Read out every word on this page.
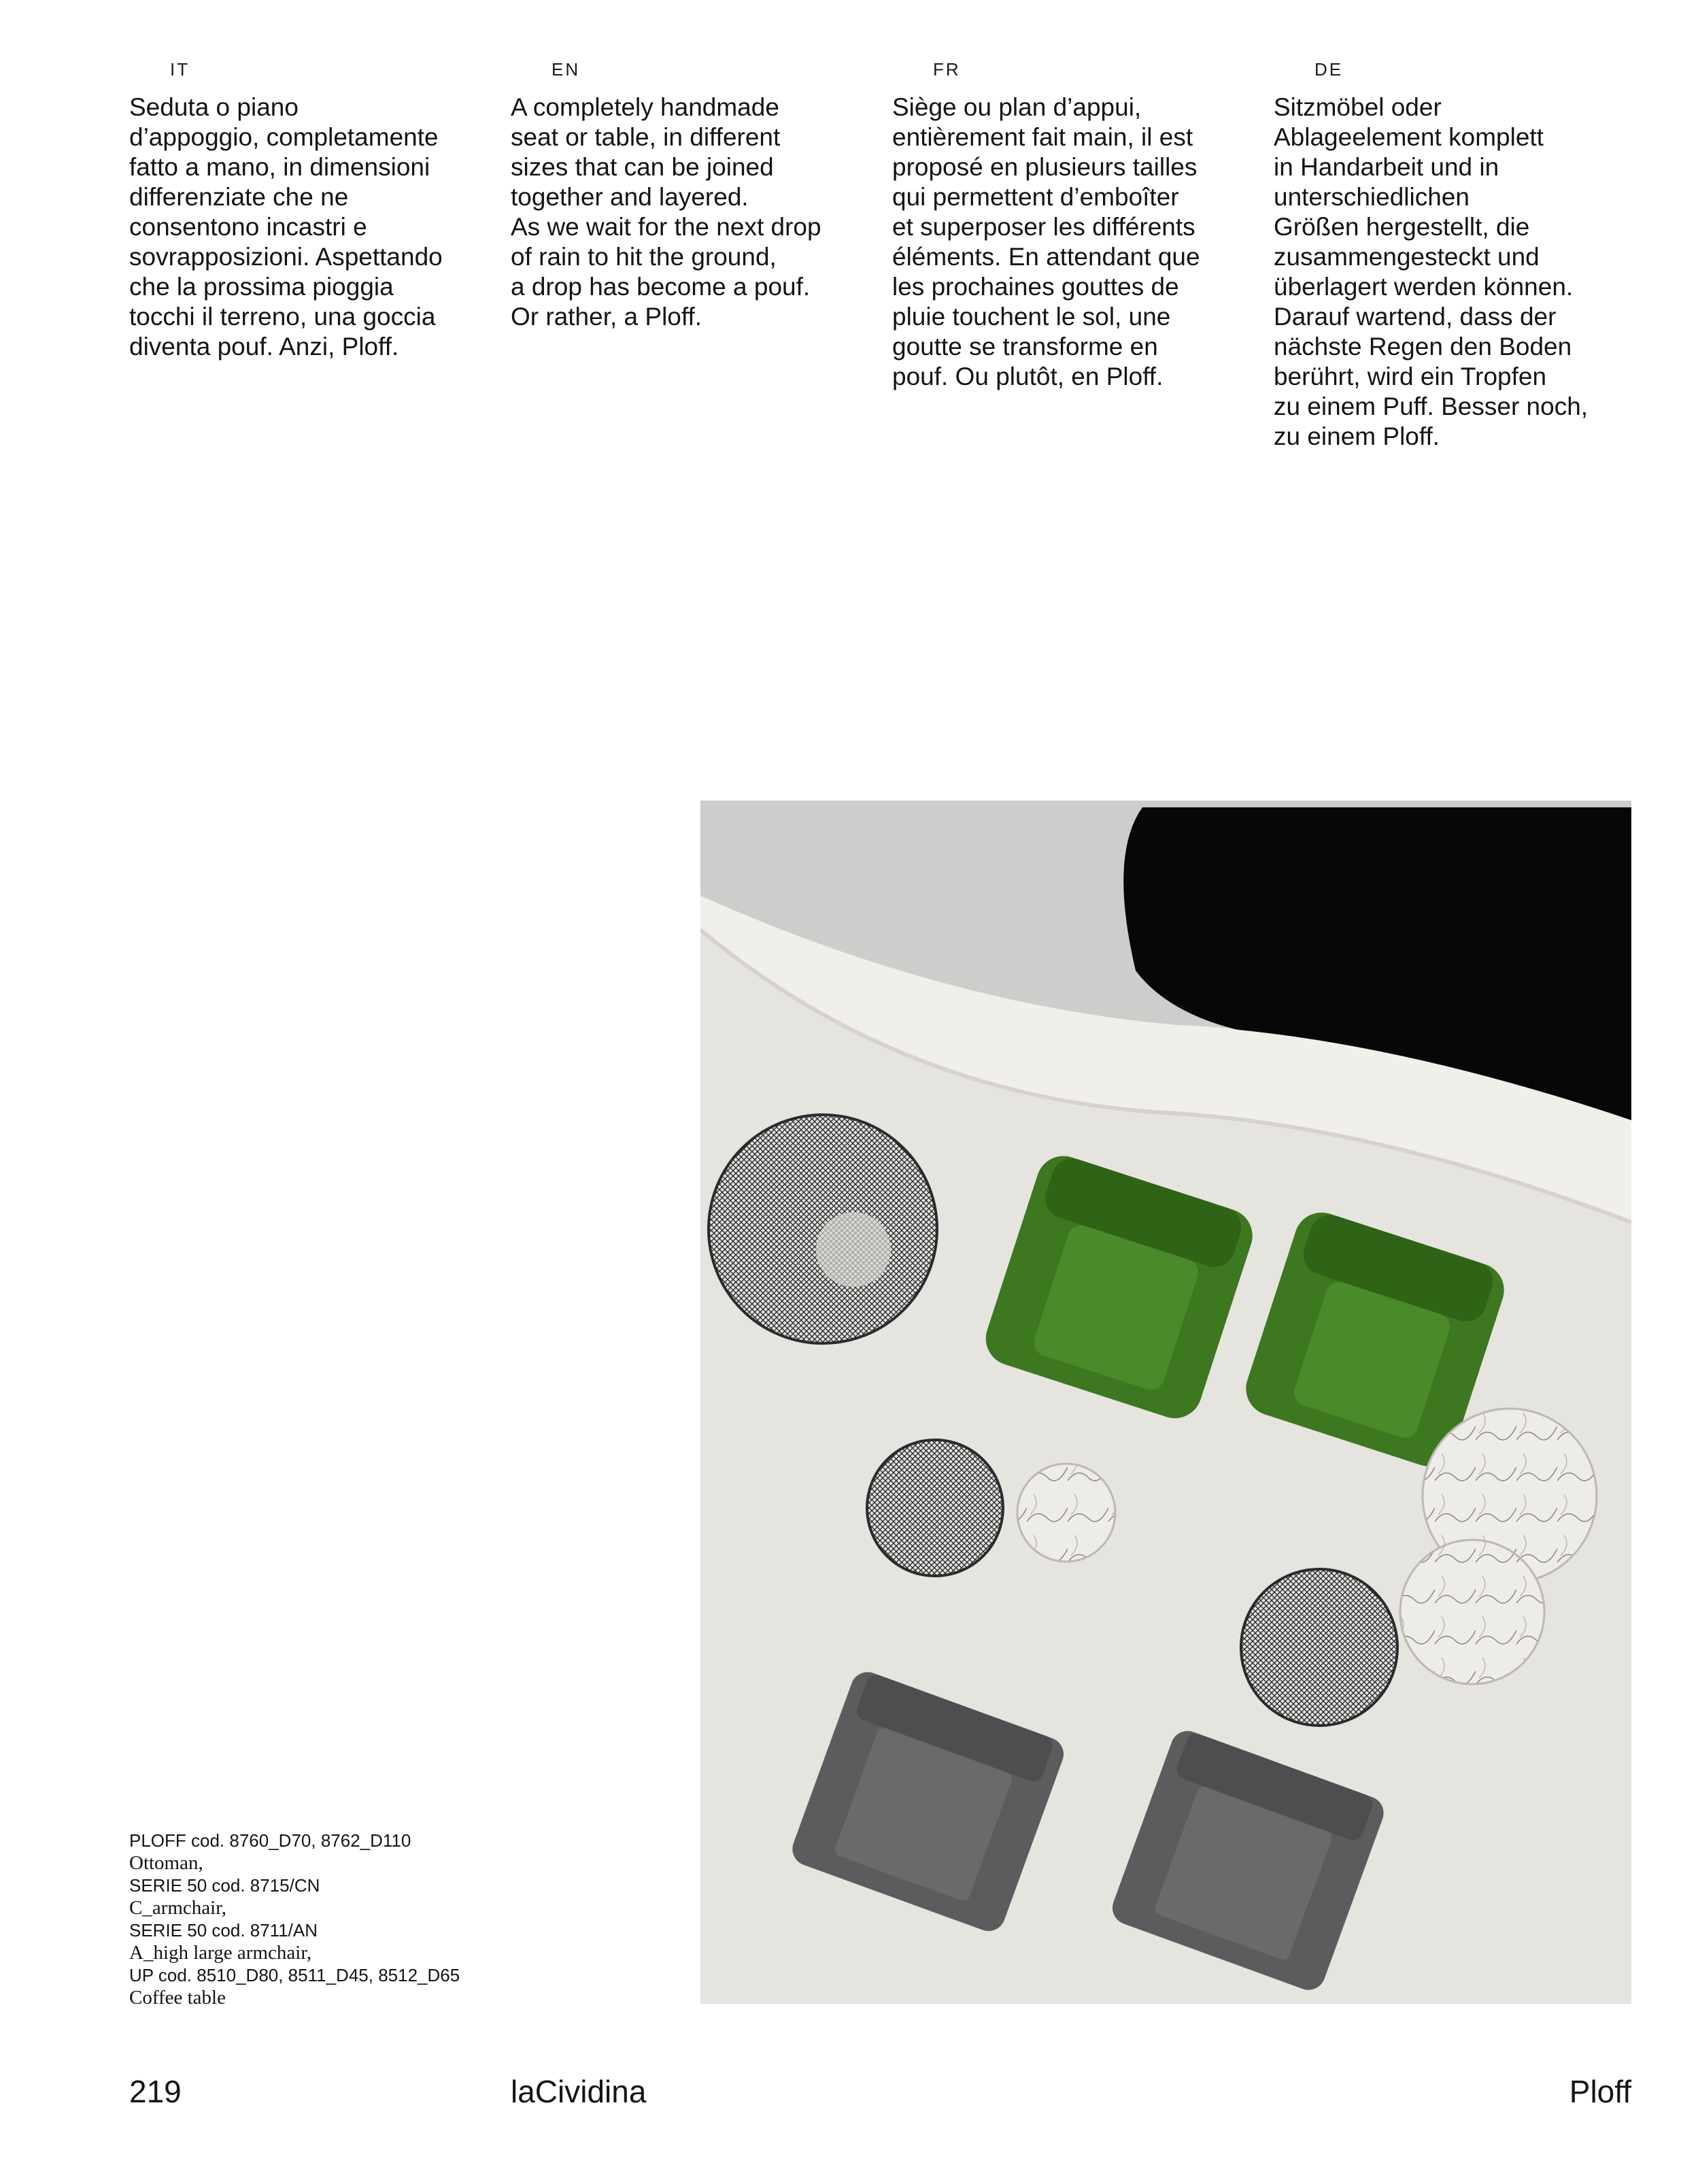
IT

Seduta o piano
d’appoggio, completamente
fatto a mano, in dimensioni
differenziate che ne
consentono incastri e
sovrapposizioni. Aspettando
che la prossima pioggia
tocchi il terreno, una goccia
diventa pouf. Anzi, Ploff.

EN

A completely handmade
seat or table, in different
sizes that can be joined
together and layered.
As we wait for the next drop
of rain to hit the ground,
a drop has become a pouf.
Or rather, a Ploff.

FR

Siège ou plan d’appui,
entièrement fait main, il est
proposé en plusieurs tailles
qui permettent d’emboîter
et superposer les différents
éléments. En attendant que
les prochaines gouttes de
pluie touchent le sol, une
goutte se transforme en
pouf. Ou plutôt, en Ploff.

DE

Sitzmöbel oder
Ablageelement komplett
in Handarbeit und in
unterschiedlichen
Größen hergestellt, die
zusammengesteckt und
überlagert werden können.
Darauf wartend, dass der
nächste Regen den Boden
berührt, wird ein Tropfen
zu einem Puff. Besser noch,
zu einem Ploff.

PLOFF cod. 8760_D70, 8762_D110
Ottoman,
SERIE 50 cod. 8715/CN
C_armchair,
SERIE 50 cod. 8711/AN
A_high large armchair,
UP cod. 8510_D80, 8511_D45, 8512_D65
Coffee table
219	laCividina	Ploff
